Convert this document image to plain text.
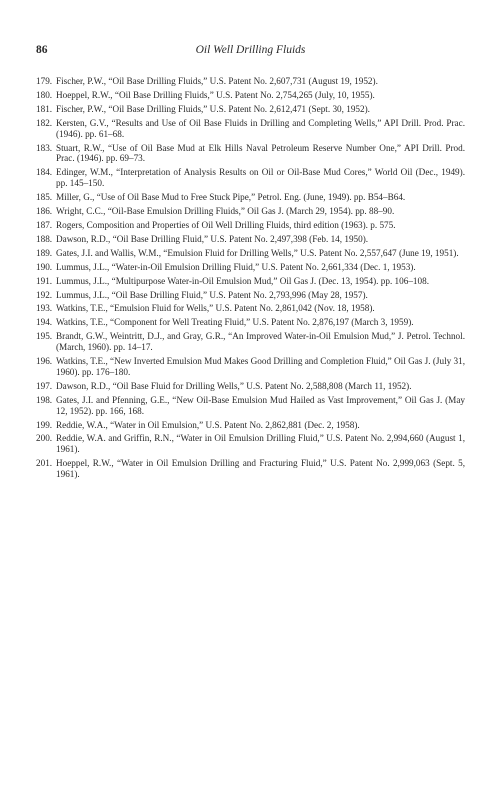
86	Oil Well Drilling Fluids
179. Fischer, P.W., “Oil Base Drilling Fluids,” U.S. Patent No. 2,607,731 (August 19, 1952).
180. Hoeppel, R.W., “Oil Base Drilling Fluids,” U.S. Patent No. 2,754,265 (July, 10, 1955).
181. Fischer, P.W., “Oil Base Drilling Fluids,” U.S. Patent No. 2,612,471 (Sept. 30, 1952).
182. Kersten, G.V., “Results and Use of Oil Base Fluids in Drilling and Completing Wells,” API Drill. Prod. Prac. (1946). pp. 61–68.
183. Stuart, R.W., “Use of Oil Base Mud at Elk Hills Naval Petroleum Reserve Number One,” API Drill. Prod. Prac. (1946). pp. 69–73.
184. Edinger, W.M., “Interpretation of Analysis Results on Oil or Oil-Base Mud Cores,” World Oil (Dec., 1949). pp. 145–150.
185. Miller, G., “Use of Oil Base Mud to Free Stuck Pipe,” Petrol. Eng. (June, 1949). pp. B54–B64.
186. Wright, C.C., “Oil-Base Emulsion Drilling Fluids,” Oil Gas J. (March 29, 1954). pp. 88–90.
187. Rogers, Composition and Properties of Oil Well Drilling Fluids, third edition (1963). p. 575.
188. Dawson, R.D., “Oil Base Drilling Fluid,” U.S. Patent No. 2,497,398 (Feb. 14, 1950).
189. Gates, J.I. and Wallis, W.M., “Emulsion Fluid for Drilling Wells,” U.S. Patent No. 2,557,647 (June 19, 1951).
190. Lummus, J.L., “Water-in-Oil Emulsion Drilling Fluid,” U.S. Patent No. 2,661,334 (Dec. 1, 1953).
191. Lummus, J.L., “Multipurpose Water-in-Oil Emulsion Mud,” Oil Gas J. (Dec. 13, 1954). pp. 106–108.
192. Lummus, J.L., “Oil Base Drilling Fluid,” U.S. Patent No. 2,793,996 (May 28, 1957).
193. Watkins, T.E., “Emulsion Fluid for Wells,” U.S. Patent No. 2,861,042 (Nov. 18, 1958).
194. Watkins, T.E., “Component for Well Treating Fluid,” U.S. Patent No. 2,876,197 (March 3, 1959).
195. Brandt, G.W., Weintritt, D.J., and Gray, G.R., “An Improved Water-in-Oil Emulsion Mud,” J. Petrol. Technol. (March, 1960). pp. 14–17.
196. Watkins, T.E., “New Inverted Emulsion Mud Makes Good Drilling and Completion Fluid,” Oil Gas J. (July 31, 1960). pp. 176–180.
197. Dawson, R.D., “Oil Base Fluid for Drilling Wells,” U.S. Patent No. 2,588,808 (March 11, 1952).
198. Gates, J.I. and Pfenning, G.E., “New Oil-Base Emulsion Mud Hailed as Vast Improvement,” Oil Gas J. (May 12, 1952). pp. 166, 168.
199. Reddie, W.A., “Water in Oil Emulsion,” U.S. Patent No. 2,862,881 (Dec. 2, 1958).
200. Reddie, W.A. and Griffin, R.N., “Water in Oil Emulsion Drilling Fluid,” U.S. Patent No. 2,994,660 (August 1, 1961).
201. Hoeppel, R.W., “Water in Oil Emulsion Drilling and Fracturing Fluid,” U.S. Patent No. 2,999,063 (Sept. 5, 1961).
